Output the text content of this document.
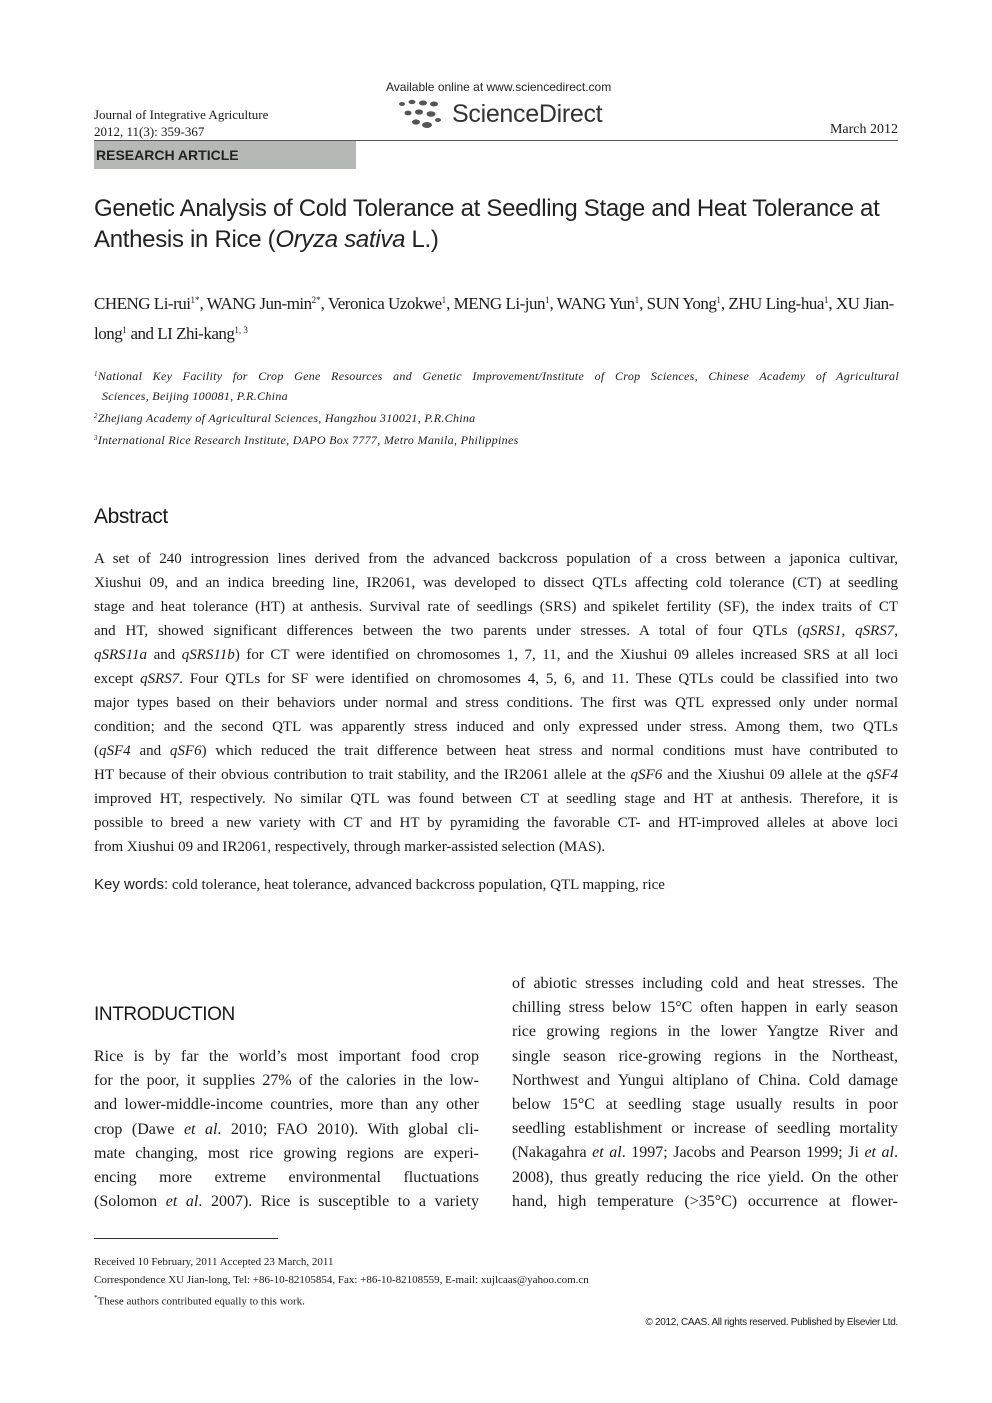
Journal of Integrative Agriculture
2012, 11(3): 359-367
Available online at www.sciencedirect.com
ScienceDirect
March 2012
RESEARCH ARTICLE
Genetic Analysis of Cold Tolerance at Seedling Stage and Heat Tolerance at Anthesis in Rice (Oryza sativa L.)
CHENG Li-rui$^{1*}$, WANG Jun-$\min^{2*}$, Veronica Uzokwe$^1$, MENG Li-jun$^1$, WANG Yun$^1$, SUN Yong$^1$, ZHU Ling-hua$^1$, XU Jian-long$^1$ and LI Zhi-kang$^{1, 3}$
$^1$National Key Facility for Crop Gene Resources and Genetic Improvement/Institute of Crop Sciences, Chinese Academy of Agricultural
Sciences, Beijing 100081, P.R.China
$^2$Zhejiang Academy of Agricultural Sciences, Hangzhou 310021, P.R.China
$^3$International Rice Research Institute, DAPO Box 7777, Metro Manila, Philippines
Abstract
A set of 240 introgression lines derived from the advanced backcross population of a cross between a japonica cultivar,
Xiushui 09, and an indica breeding line, IR2061, was developed to dissect QTLs affecting cold tolerance (CT) at seedling
stage and heat tolerance (HT) at anthesis. Survival rate of seedlings (SRS) and spikelet fertility (SF), the index traits of CT
and HT, showed significant differences between the two parents under stresses. A total of four QTLs (qSRS1, qSRS7,
qSRS11a and qSRS11b) for CT were identified on chromosomes 1, 7, 11, and the Xiushui 09 alleles increased SRS at all loci
except qSRS7. Four QTLs for SF were identified on chromosomes 4, 5, 6, and 11. These QTLs could be classified into two
major types based on their behaviors under normal and stress conditions. The first was QTL expressed only under normal
condition; and the second QTL was apparently stress induced and only expressed under stress. Among them, two QTLs
(qSF4 and qSF6) which reduced the trait difference between heat stress and normal conditions must have contributed to
HT because of their obvious contribution to trait stability, and the IR2061 allele at the qSF6 and the Xiushui 09 allele at the qSF4
improved HT, respectively. No similar QTL was found between CT at seedling stage and HT at anthesis. Therefore, it is
possible to breed a new variety with CT and HT by pyramiding the favorable CT- and HT-improved alleles at above loci
from Xiushui 09 and IR2061, respectively, through marker-assisted selection (MAS).
Key words: cold tolerance, heat tolerance, advanced backcross population, QTL mapping, rice
INTRODUCTION
Rice is by far the world’s most important food crop
for the poor, it supplies 27% of the calories in the low-
and lower-middle-income countries, more than any other
crop (Dawe et al. 2010; FAO 2010). With global cli-
mate changing, most rice growing regions are experi-
encing more extreme environmental fluctuations
(Solomon et al. 2007). Rice is susceptible to a variety
of abiotic stresses including cold and heat stresses. The
chilling stress below 15°C often happen in early season
rice growing regions in the lower Yangtze River and
single season rice-growing regions in the Northeast,
Northwest and Yungui altiplano of China. Cold damage
below 15°C at seedling stage usually results in poor
seedling establishment or increase of seedling mortality
(Nakagahra et al. 1997; Jacobs and Pearson 1999; Ji et al.
2008), thus greatly reducing the rice yield. On the other
hand, high temperature (>35°C) occurrence at flower-
Received 10 February, 2011 Accepted 23 March, 2011
Correspondence XU Jian-long, Tel: +86-10-82105854, Fax: +86-10-82108559, E-mail: xujlcaas@yahoo.com.cn
*These authors contributed equally to this work.
© 2012, CAAS. All rights reserved. Published by Elsevier Ltd.
